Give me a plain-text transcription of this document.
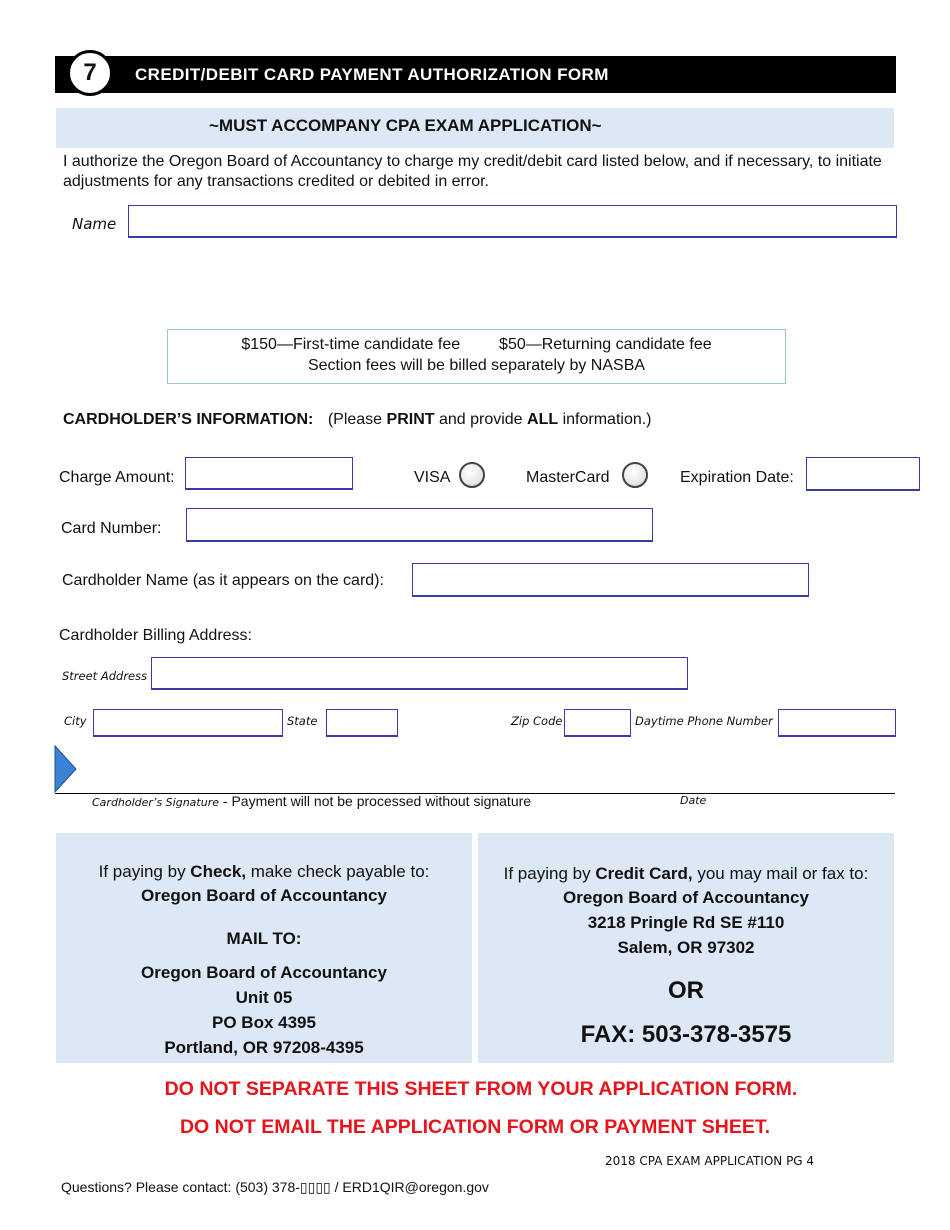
7 CREDIT/DEBIT CARD PAYMENT AUTHORIZATION FORM
~MUST ACCOMPANY CPA EXAM APPLICATION~
I authorize the Oregon Board of Accountancy to charge my credit/debit card listed below, and if necessary, to initiate adjustments for any transactions credited or debited in error.
Name
$150—First-time candidate fee $50—Returning candidate fee
Section fees will be billed separately by NASBA
CARDHOLDER’S INFORMATION: (Please PRINT and provide ALL information.)
Charge Amount:	VISA	MasterCard	Expiration Date:
Card Number:
Cardholder Name (as it appears on the card):
Cardholder Billing Address:
Street Address
City	State	Zip Code	Daytime Phone Number
Cardholder’s Signature - Payment will not be processed without signature	Date
If paying by Check, make check payable to:
Oregon Board of Accountancy
MAIL TO:
Oregon Board of Accountancy
Unit 05
PO Box 4395
Portland, OR 97208-4395
If paying by Credit Card, you may mail or fax to:
Oregon Board of Accountancy
3218 Pringle Rd SE #110
Salem, OR 97302
OR
FAX: 503-378-3575
DO NOT SEPARATE THIS SHEET FROM YOUR APPLICATION FORM.
DO NOT EMAIL THE APPLICATION FORM OR PAYMENT SHEET.
2018 CPA EXAM APPLICATION PG 4
Questions? Please contact: (503) 378-▯▯▯▯ / ERD1QIR@oregon.gov
